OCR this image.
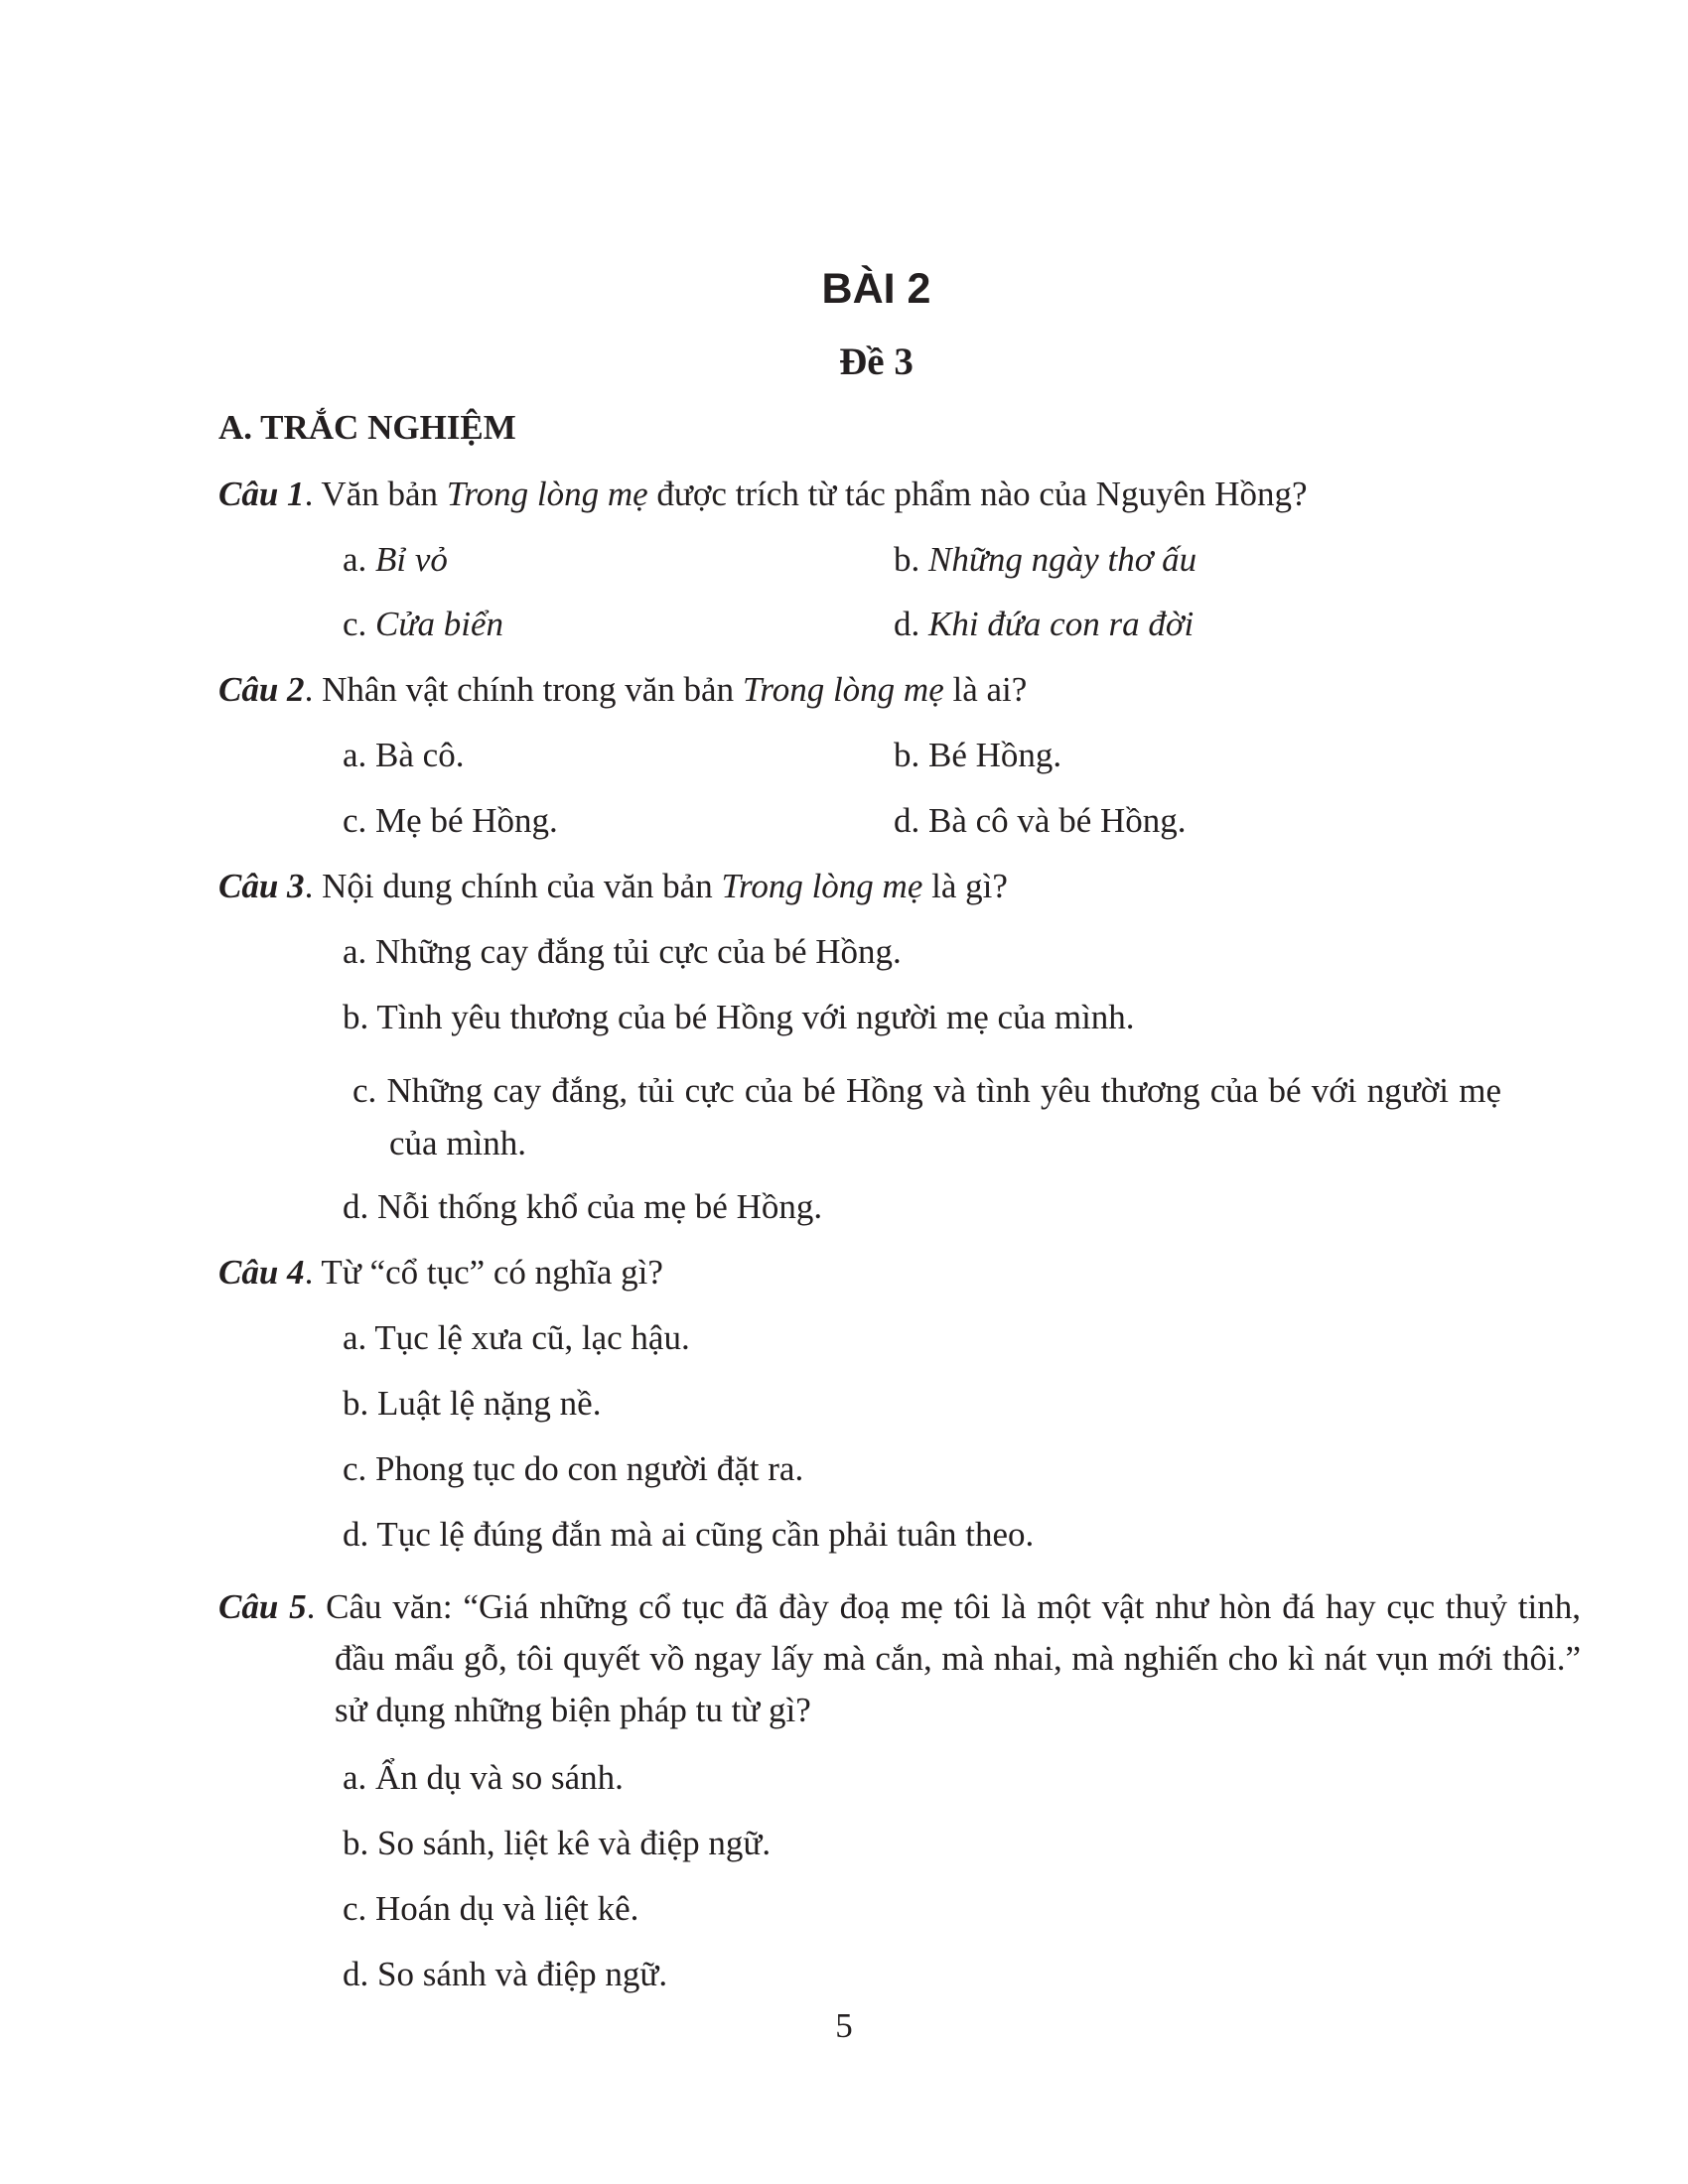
BÀI 2
Đề 3
A. TRẮC NGHIỆM
Câu 1. Văn bản Trong lòng mẹ được trích từ tác phẩm nào của Nguyên Hồng?
a. Bỉ vỏ	b. Những ngày thơ ấu
c. Cửa biển	d. Khi đứa con ra đời
Câu 2. Nhân vật chính trong văn bản Trong lòng mẹ là ai?
a. Bà cô.	b. Bé Hồng.
c. Mẹ bé Hồng.	d. Bà cô và bé Hồng.
Câu 3. Nội dung chính của văn bản Trong lòng mẹ là gì?
a. Những cay đắng tủi cực của bé Hồng.
b. Tình yêu thương của bé Hồng với người mẹ của mình.
c. Những cay đắng, tủi cực của bé Hồng và tình yêu thương của bé với người mẹ của mình.
d. Nỗi thống khổ của mẹ bé Hồng.
Câu 4. Từ “cổ tục” có nghĩa gì?
a. Tục lệ xưa cũ, lạc hậu.
b. Luật lệ nặng nề.
c. Phong tục do con người đặt ra.
d. Tục lệ đúng đắn mà ai cũng cần phải tuân theo.
Câu 5. Câu văn: “Giá những cổ tục đã đày đoạ mẹ tôi là một vật như hòn đá hay cục thuỷ tinh, đầu mẩu gỗ, tôi quyết vồ ngay lấy mà cắn, mà nhai, mà nghiến cho kì nát vụn mới thôi.” sử dụng những biện pháp tu từ gì?
a. Ẩn dụ và so sánh.
b. So sánh, liệt kê và điệp ngữ.
c. Hoán dụ và liệt kê.
d. So sánh và điệp ngữ.
5
